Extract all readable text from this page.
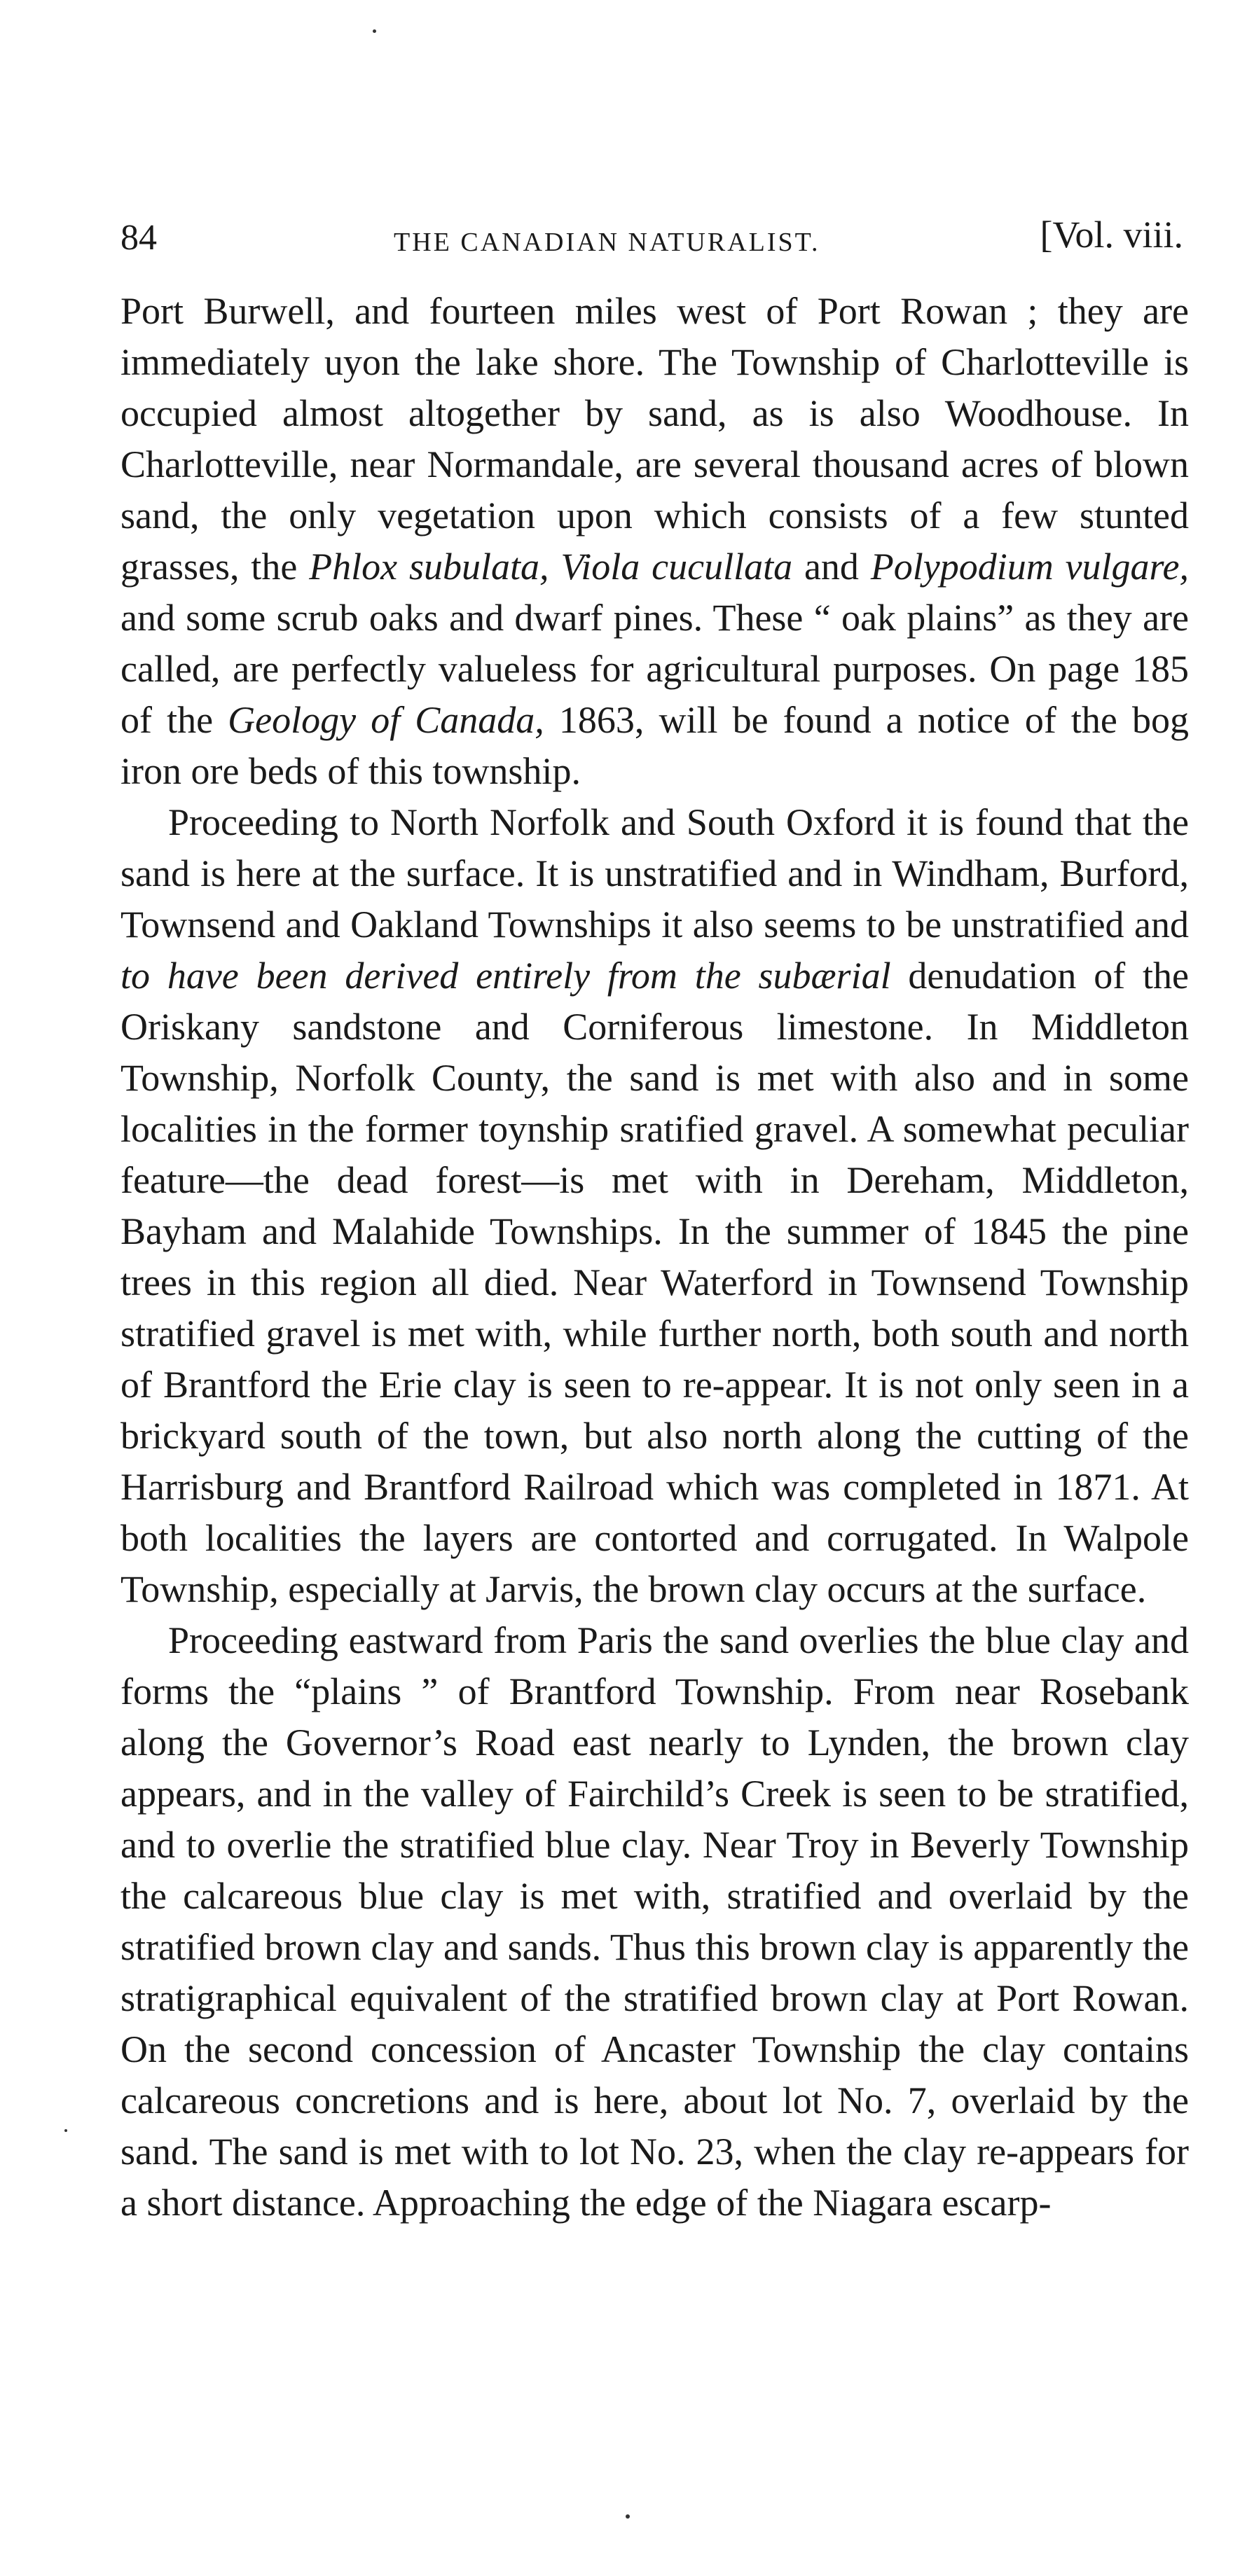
84	THE CANADIAN NATURALIST.	[Vol. viii.

Port Burwell, and fourteen miles west of Port Rowan ; they are immediately uyon the lake shore. The Township of Charlotteville is occupied almost altogether by sand, as is also Woodhouse. In Charlotteville, near Normandale, are several thousand acres of blown sand, the only vegetation upon which consists of a few stunted grasses, the Phlox subulata, Viola cucullata and Polypodium vulgare, and some scrub oaks and dwarf pines. These “ oak plains” as they are called, are perfectly valueless for agricultural purposes. On page 185 of the Geology of Canada, 1863, will be found a notice of the bog iron ore beds of this township.

Proceeding to North Norfolk and South Oxford it is found that the sand is here at the surface. It is unstratified and in Windham, Burford, Townsend and Oakland Townships it also seems to be unstratified and to have been derived entirely from the subærial denudation of the Oriskany sandstone and Corniferous limestone. In Middleton Township, Norfolk County, the sand is met with also and in some localities in the former toynship sratified gravel. A somewhat peculiar feature—the dead forest—is met with in Dereham, Middleton, Bayham and Malahide Townships. In the summer of 1845 the pine trees in this region all died. Near Waterford in Townsend Township stratified gravel is met with, while further north, both south and north of Brantford the Erie clay is seen to re-appear. It is not only seen in a brickyard south of the town, but also north along the cutting of the Harrisburg and Brantford Railroad which was completed in 1871. At both localities the layers are contorted and corrugated. In Walpole Township, especially at Jarvis, the brown clay occurs at the surface.

Proceeding eastward from Paris the sand overlies the blue clay and forms the “plains ” of Brantford Township. From near Rosebank along the Governor’s Road east nearly to Lynden, the brown clay appears, and in the valley of Fairchild’s Creek is seen to be stratified, and to overlie the stratified blue clay. Near Troy in Beverly Township the calcareous blue clay is met with, stratified and overlaid by the stratified brown clay and sands. Thus this brown clay is apparently the stratigraphical equivalent of the stratified brown clay at Port Rowan. On the second concession of Ancaster Township the clay contains calcareous concretions and is here, about lot No. 7, overlaid by the sand. The sand is met with to lot No. 23, when the clay re-appears for a short distance. Approaching the edge of the Niagara escarp-
